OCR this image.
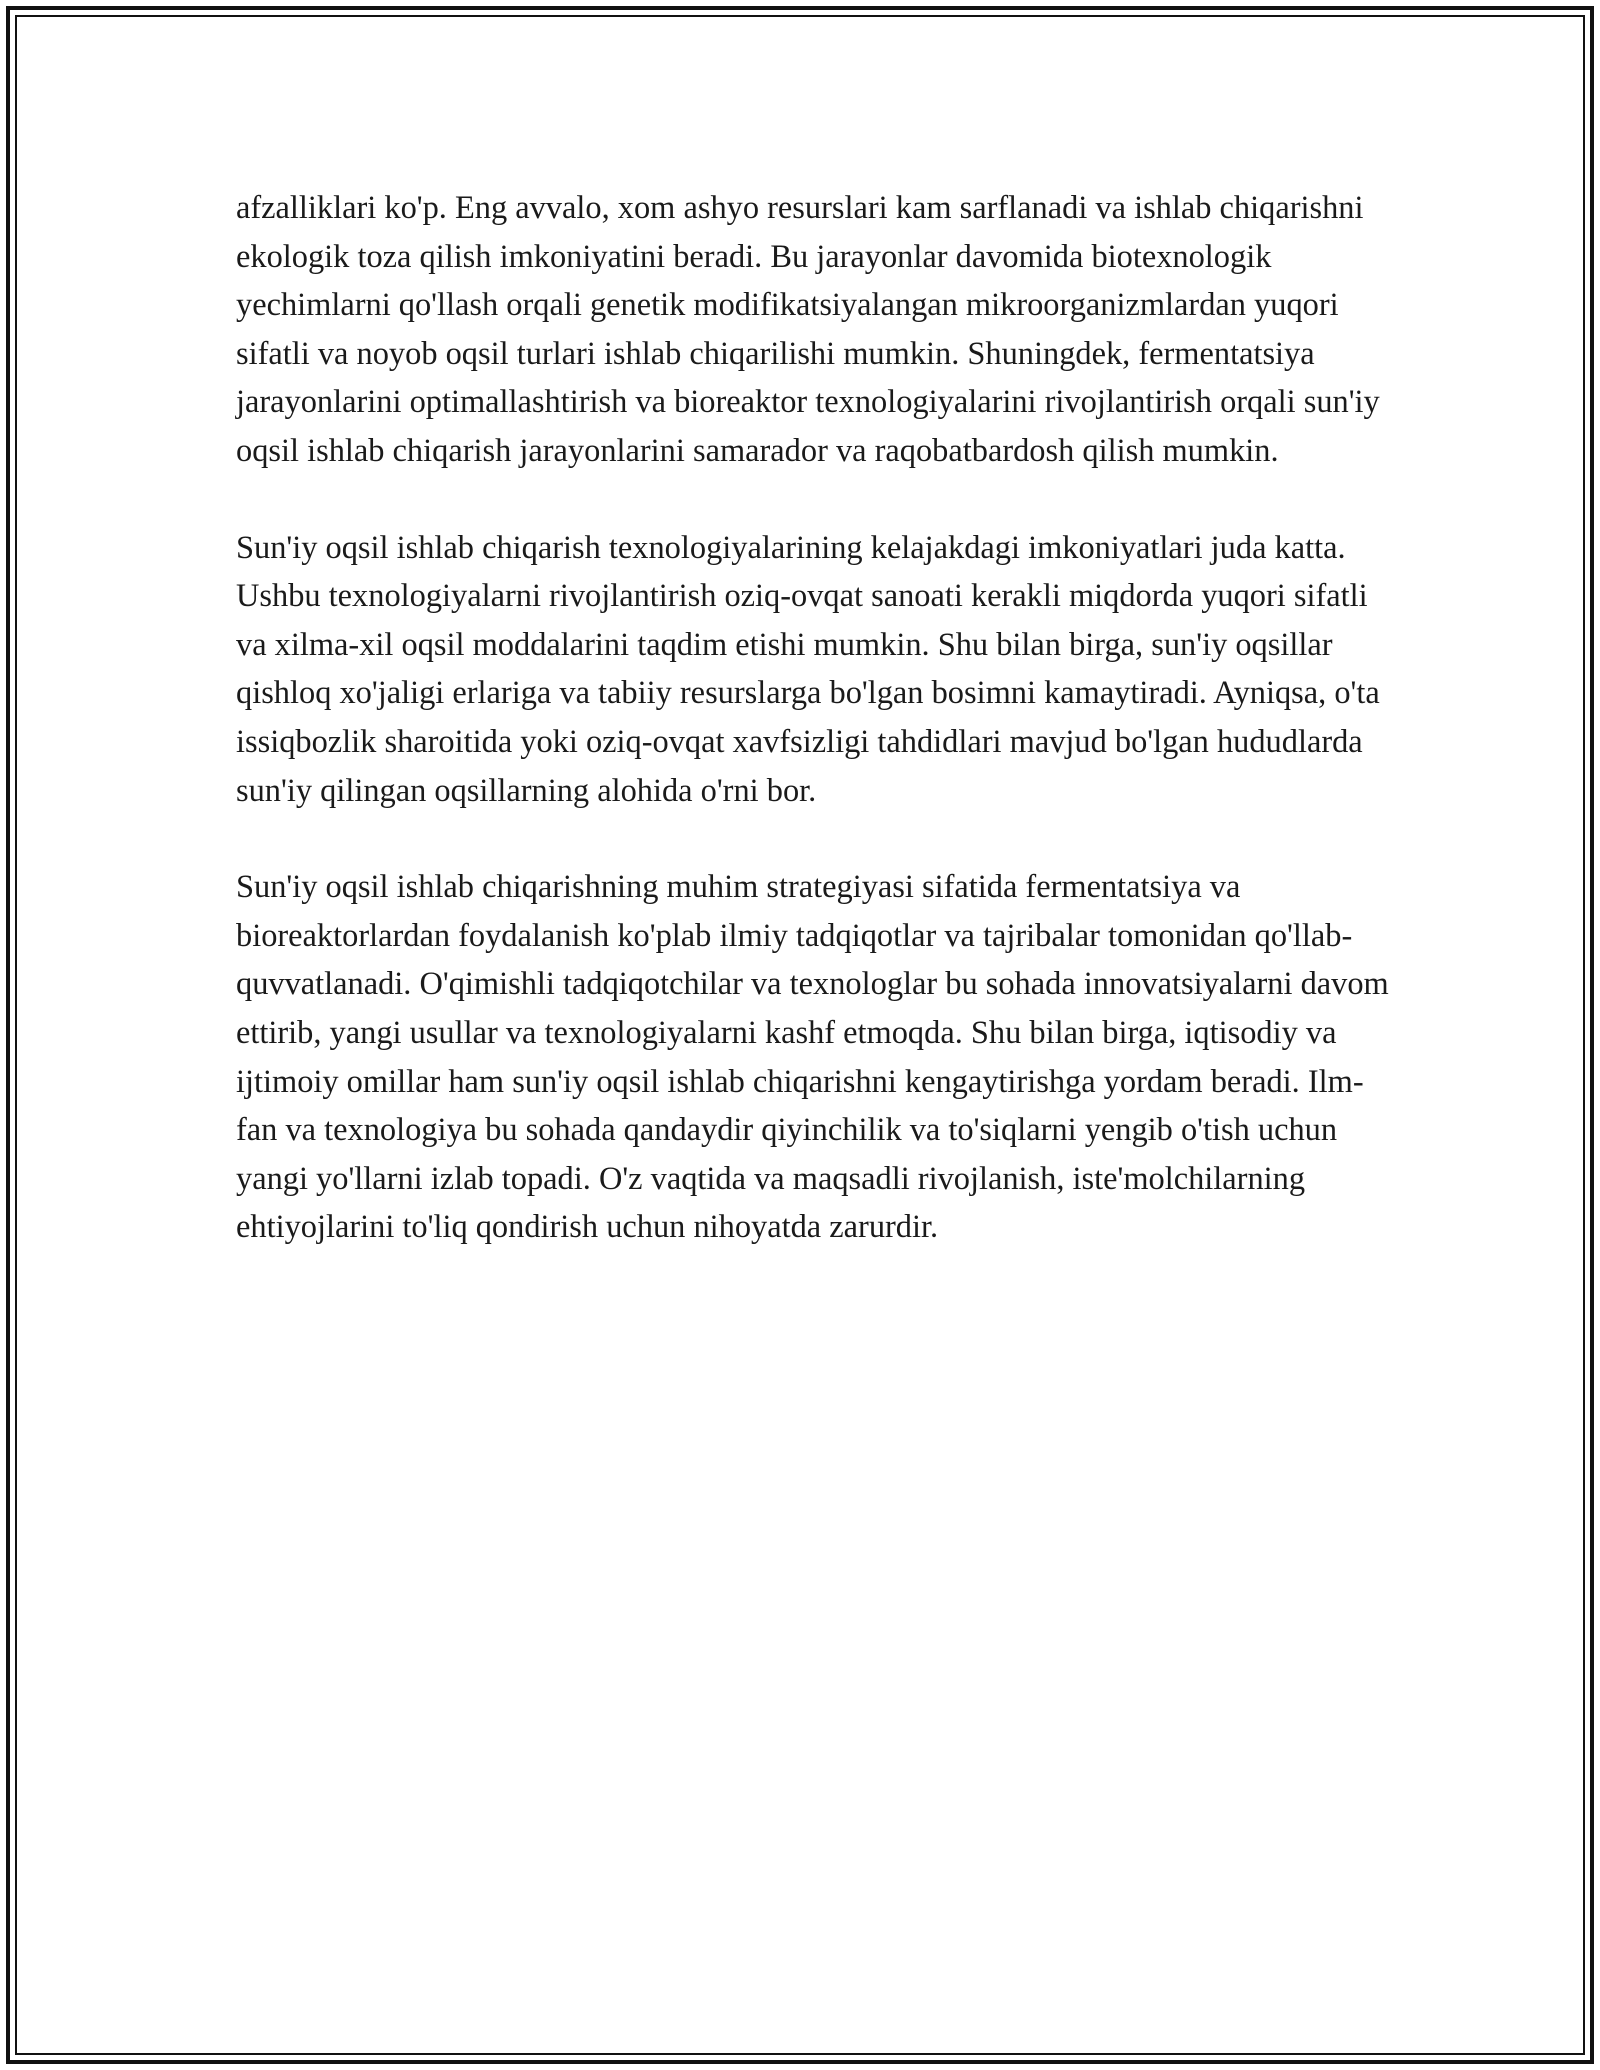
afzalliklari ko'p. Eng avvalo, xom ashyo resurslari kam sarflanadi va ishlab chiqarishni ekologik toza qilish imkoniyatini beradi. Bu jarayonlar davomida biotexnologik yechimlarni qo'llash orqali genetik modifikatsiyalangan mikroorganizmlardan yuqori sifatli va noyob oqsil turlari ishlab chiqarilishi mumkin. Shuningdek, fermentatsiya jarayonlarini optimallashtirish va bioreaktor texnologiyalarini rivojlantirish orqali sun'iy oqsil ishlab chiqarish jarayonlarini samarador va raqobatbardosh qilish mumkin.

Sun'iy oqsil ishlab chiqarish texnologiyalarining kelajakdagi imkoniyatlari juda katta. Ushbu texnologiyalarni rivojlantirish oziq-ovqat sanoati kerakli miqdorda yuqori sifatli va xilma-xil oqsil moddalarini taqdim etishi mumkin. Shu bilan birga, sun'iy oqsillar qishloq xo'jaligi erlariga va tabiiy resurslarga bo'lgan bosimni kamaytiradi. Ayniqsa, o'ta issiqbozlik sharoitida yoki oziq-ovqat xavfsizligi tahdidlari mavjud bo'lgan hududlarda sun'iy qilingan oqsillarning alohida o'rni bor.

Sun'iy oqsil ishlab chiqarishning muhim strategiyasi sifatida fermentatsiya va bioreaktorlardan foydalanish ko'plab ilmiy tadqiqotlar va tajribalar tomonidan qo'llab-quvvatlanadi. O'qimishli tadqiqotchilar va texnologlar bu sohada innovatsiyalarni davom ettirib, yangi usullar va texnologiyalarni kashf etmoqda. Shu bilan birga, iqtisodiy va ijtimoiy omillar ham sun'iy oqsil ishlab chiqarishni kengaytirishga yordam beradi. Ilm-fan va texnologiya bu sohada qandaydir qiyinchilik va to'siqlarni yengib o'tish uchun yangi yo'llarni izlab topadi. O'z vaqtida va maqsadli rivojlanish, iste'molchilarning ehtiyojlarini to'liq qondirish uchun nihoyatda zarurdir.
